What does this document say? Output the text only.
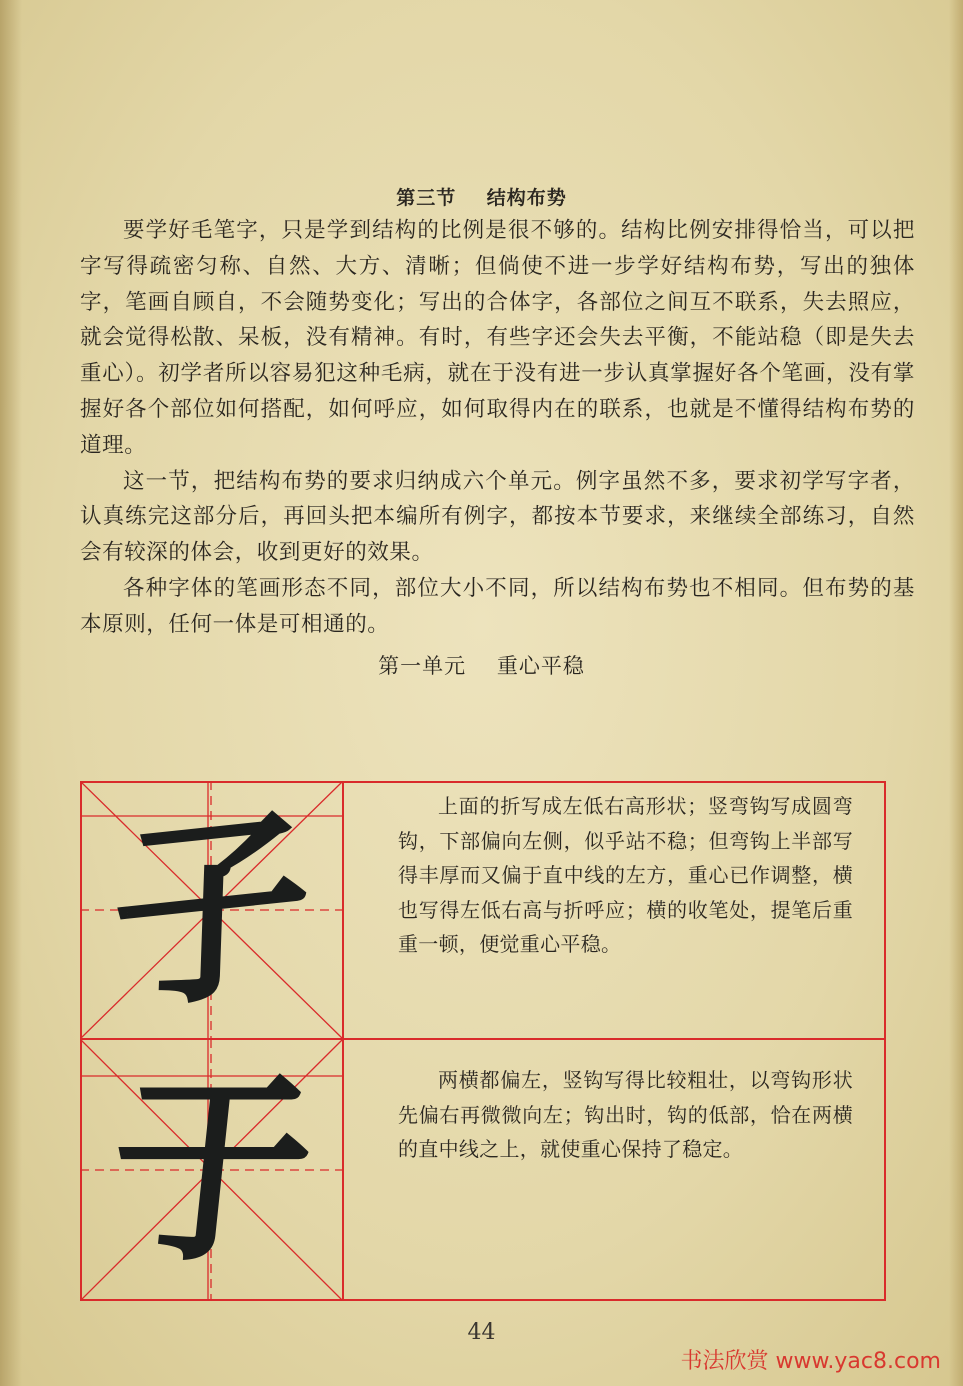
第三节    结构布势

要学好毛笔字，只是学到结构的比例是很不够的。结构比例安排得恰当，可以把字写得疏密匀称、自然、大方、清晰；但倘使不进一步学好结构布势，写出的独体字，笔画自顾自，不会随势变化；写出的合体字，各部位之间互不联系，失去照应，就会觉得松散、呆板，没有精神。有时，有些字还会失去平衡，不能站稳（即是失去重心）。初学者所以容易犯这种毛病，就在于没有进一步认真掌握好各个笔画，没有掌握好各个部位如何搭配，如何呼应，如何取得内在的联系，也就是不懂得结构布势的道理。

这一节，把结构布势的要求归纳成六个单元。例字虽然不多，要求初学写字者，认真练完这部分后，再回头把本编所有例字，都按本节要求，来继续全部练习，自然会有较深的体会，收到更好的效果。

各种字体的笔画形态不同，部位大小不同，所以结构布势也不相同。但布势的基本原则，任何一体是可相通的。

第一单元    重心平稳
子
于

上面的折写成左低右高形状；竖弯钩写成圆弯钩，下部偏向左侧，似乎站不稳；但弯钩上半部写得丰厚而又偏于直中线的左方，重心已作调整，横也写得左低右高与折呼应；横的收笔处，提笔后重重一顿，便觉重心平稳。

两横都偏左，竖钩写得比较粗壮，以弯钩形状先偏右再微微向左；钩出时，钩的低部，恰在两横的直中线之上，就使重心保持了稳定。

44
书法欣赏 www.yac8.com
